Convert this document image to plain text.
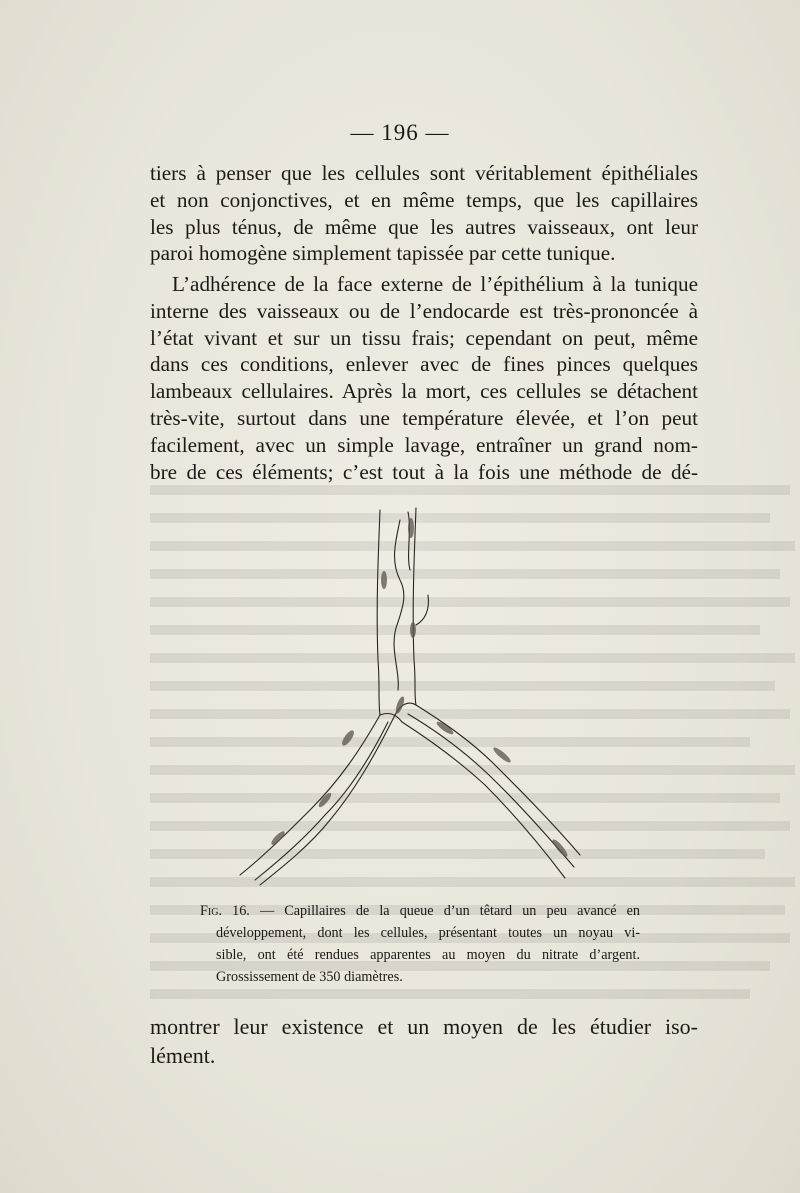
— 196 —

tiers à penser que les cellules sont véritablement épithéliales
et non conjonctives, et en même temps, que les capillaires
les plus ténus, de même que les autres vaisseaux, ont leur
paroi homogène simplement tapissée par cette tunique.

L’adhérence de la face externe de l’épithélium à la tunique
interne des vaisseaux ou de l’endocarde est très-prononcée à
l’état vivant et sur un tissu frais; cependant on peut, même
dans ces conditions, enlever avec de fines pinces quelques
lambeaux cellulaires. Après la mort, ces cellules se détachent
très-vite, surtout dans une température élevée, et l’on peut
facilement, avec un simple lavage, entraîner un grand nom-
bre de ces éléments; c’est tout à la fois une méthode de dé-

Fig. 16. — Capillaires de la queue d’un têtard un peu avancé en
développement, dont les cellules, présentant toutes un noyau vi-
sible, ont été rendues apparentes au moyen du nitrate d’argent.
Grossissement de 350 diamètres.

montrer leur existence et un moyen de les étudier iso-
lément.
